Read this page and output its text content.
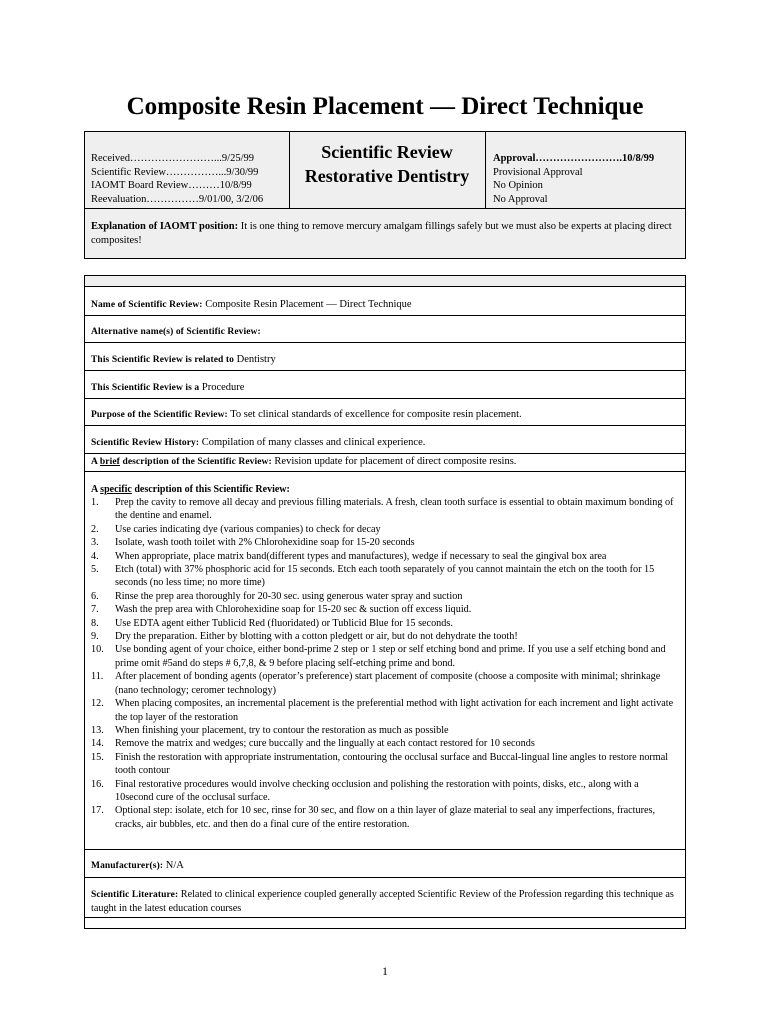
Composite Resin Placement — Direct Technique
Received……………………...9/25/99
Scientific Review……………...9/30/99
IAOMT Board Review………10/8/99
Reevaluation……………9/01/00, 3/2/06
Scientific Review
Restorative Dentistry
Approval…………………….10/8/99
Provisional Approval
No Opinion
No Approval
Explanation of IAOMT position: It is one thing to remove mercury amalgam fillings safely but we must also be experts at placing direct composites!
Name of Scientific Review: Composite Resin Placement — Direct Technique
Alternative name(s) of Scientific Review:
This Scientific Review is related to Dentistry
This Scientific Review is a Procedure
Purpose of the Scientific Review: To set clinical standards of excellence for composite resin placement.
Scientific Review History: Compilation of many classes and clinical experience.
A brief description of the Scientific Review: Revision update for placement of direct composite resins.
A specific description of this Scientific Review:
1. Prep the cavity to remove all decay and previous filling materials. A fresh, clean tooth surface is essential to obtain maximum bonding of the dentine and enamel.
2. Use caries indicating dye (various companies) to check for decay
3. Isolate, wash tooth toilet with 2% Chlorohexidine soap for 15-20 seconds
4. When appropriate, place matrix band(different types and manufactures), wedge if necessary to seal the gingival box area
5. Etch (total) with 37% phosphoric acid for 15 seconds. Etch each tooth separately of you cannot maintain the etch on the tooth for 15 seconds (no less time; no more time)
6. Rinse the prep area thoroughly for 20-30 sec. using generous water spray and suction
7. Wash the prep area with Chlorohexidine soap for 15-20 sec & suction off excess liquid.
8. Use EDTA agent either Tublicid Red (fluoridated) or Tublicid Blue for 15 seconds.
9. Dry the preparation. Either by blotting with a cotton pledgett or air, but do not dehydrate the tooth!
10. Use bonding agent of your choice, either bond-prime 2 step or 1 step or self etching bond and prime. If you use a self etching bond and prime omit #5and do steps # 6,7,8, & 9 before placing self-etching prime and bond.
11. After placement of bonding agents (operator’s preference) start placement of composite (choose a composite with minimal; shrinkage (nano technology; ceromer technology)
12. When placing composites, an incremental placement is the preferential method with light activation for each increment and light activate the top layer of the restoration
13. When finishing your placement, try to contour the restoration as much as possible
14. Remove the matrix and wedges; cure buccally and the lingually at each contact restored for 10 seconds
15. Finish the restoration with appropriate instrumentation, contouring the occlusal surface and Buccal-lingual line angles to restore normal tooth contour
16. Final restorative procedures would involve checking occlusion and polishing the restoration with points, disks, etc., along with a 10second cure of the occlusal surface.
17. Optional step: isolate, etch for 10 sec, rinse for 30 sec, and flow on a thin layer of glaze material to seal any imperfections, fractures, cracks, air bubbles, etc. and then do a final cure of the entire restoration.
Manufacturer(s): N/A
Scientific Literature: Related to clinical experience coupled generally accepted Scientific Review of the Profession regarding this technique as taught in the latest education courses
1
